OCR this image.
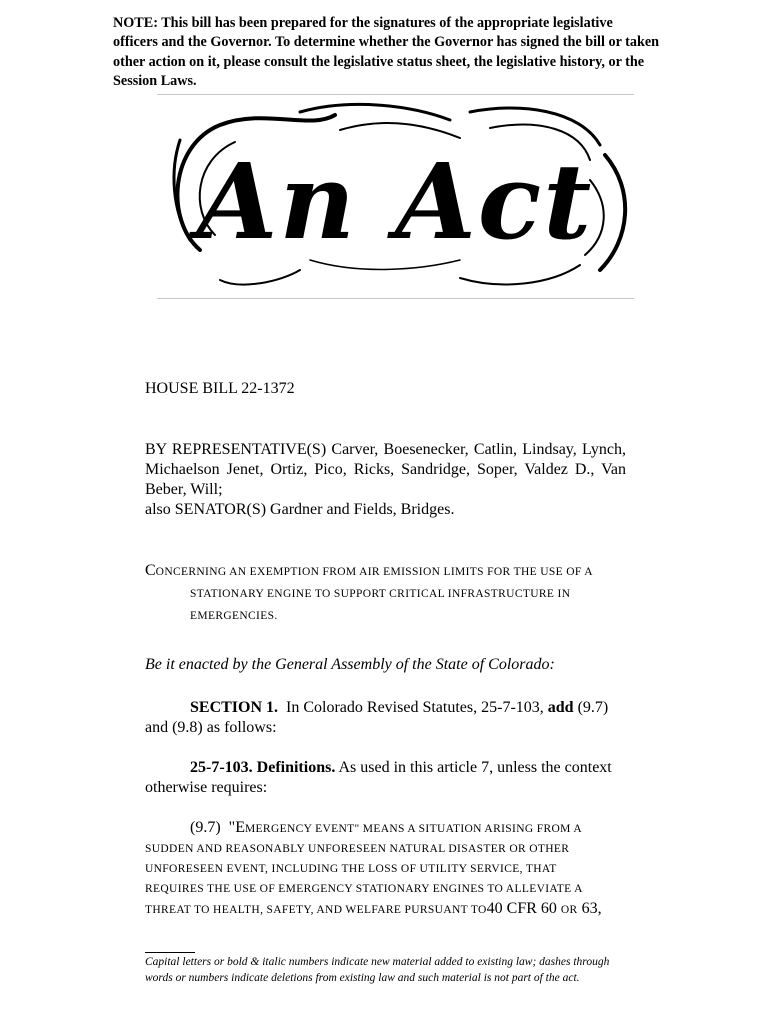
NOTE: This bill has been prepared for the signatures of the appropriate legislative officers and the Governor. To determine whether the Governor has signed the bill or taken other action on it, please consult the legislative status sheet, the legislative history, or the Session Laws.
An Act
HOUSE BILL 22-1372

BY REPRESENTATIVE(S) Carver, Boesenecker, Catlin, Lindsay, Lynch, Michaelson Jenet, Ortiz, Pico, Ricks, Sandridge, Soper, Valdez D., Van Beber, Will;

also SENATOR(S) Gardner and Fields, Bridges.

CONCERNING AN EXEMPTION FROM AIR EMISSION LIMITS FOR THE USE OF A
STATIONARY ENGINE TO SUPPORT CRITICAL INFRASTRUCTURE IN
EMERGENCIES.
Be it enacted by the General Assembly of the State of Colorado:
SECTION 1. In Colorado Revised Statutes, 25-7-103, add (9.7) and (9.8) as follows:
25-7-103. Definitions. As used in this article 7, unless the context otherwise requires:
(9.7) "EMERGENCY EVENT" MEANS A SITUATION ARISING FROM A
SUDDEN AND REASONABLY UNFORESEEN NATURAL DISASTER OR OTHER
UNFORESEEN EVENT, INCLUDING THE LOSS OF UTILITY SERVICE, THAT
REQUIRES THE USE OF EMERGENCY STATIONARY ENGINES TO ALLEVIATE A
THREAT TO HEALTH, SAFETY, AND WELFARE PURSUANT TO40 CFR 60 OR 63,
Capital letters or bold & italic numbers indicate new material added to existing law; dashes through words or numbers indicate deletions from existing law and such material is not part of the act.
